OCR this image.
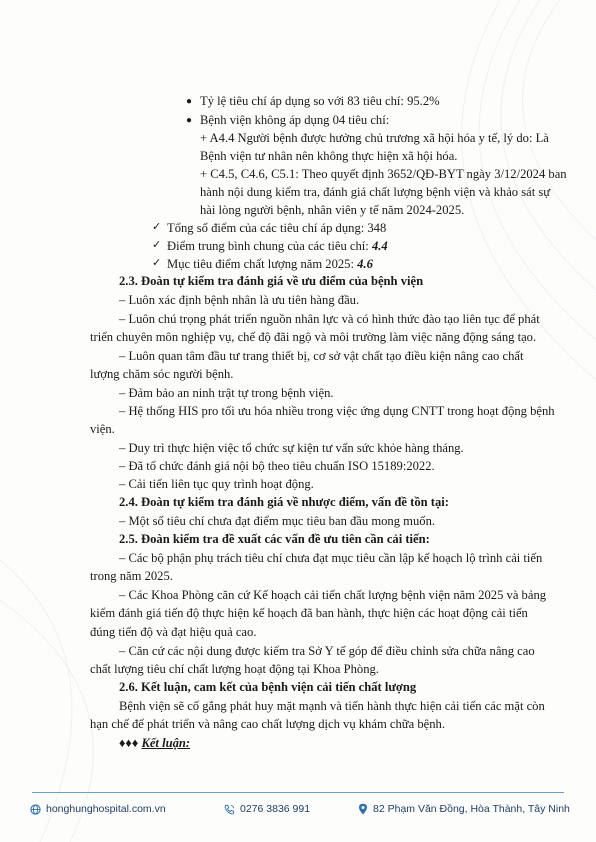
● Tỷ lệ tiêu chí áp dụng so với 83 tiêu chí: 95.2%
● Bệnh viện không áp dụng 04 tiêu chí:
+ A4.4 Người bệnh được hưởng chủ trương xã hội hóa y tế, lý do: Là
Bệnh viện tư nhân nên không thực hiện xã hội hóa.
+ C4.5, C4.6, C5.1: Theo quyết định 3652/QĐ-BYT ngày 3/12/2024 ban
hành nội dung kiểm tra, đánh giá chất lượng bệnh viện và khảo sát sự
hài lòng người bệnh, nhân viên y tế năm 2024-2025.
✓ Tổng số điểm của các tiêu chí áp dụng: 348
✓ Điểm trung bình chung của các tiêu chí: 4.4
✓ Mục tiêu điểm chất lượng năm 2025: 4.6
2.3. Đoàn tự kiểm tra đánh giá về ưu điểm của bệnh viện
– Luôn xác định bệnh nhân là ưu tiên hàng đầu.
– Luôn chú trọng phát triển nguồn nhân lực và có hình thức đào tạo liên tục để phát
triển chuyên môn nghiệp vụ, chế độ đãi ngộ và môi trường làm việc năng động sáng tạo.
– Luôn quan tâm đầu tư trang thiết bị, cơ sở vật chất tạo điều kiện nâng cao chất
lượng chăm sóc người bệnh.
– Đảm bảo an ninh trật tự trong bệnh viện.
– Hệ thống HIS pro tối ưu hóa nhiều trong việc ứng dụng CNTT trong hoạt động bệnh
viện.
– Duy trì thực hiện việc tổ chức sự kiện tư vấn sức khỏe hàng tháng.
– Đã tổ chức đánh giá nội bộ theo tiêu chuẩn ISO 15189:2022.
– Cải tiến liên tục quy trình hoạt động.
2.4. Đoàn tự kiểm tra đánh giá về nhược điểm, vấn đề tồn tại:
– Một số tiêu chí chưa đạt điểm mục tiêu ban đầu mong muốn.
2.5. Đoàn kiểm tra đề xuất các vấn đề ưu tiên cần cải tiến:
– Các bộ phận phụ trách tiêu chí chưa đạt mục tiêu cần lập kế hoạch lộ trình cải tiến
trong năm 2025.
– Các Khoa Phòng căn cứ Kế hoạch cải tiến chất lượng bệnh viện năm 2025 và bảng
kiểm đánh giá tiến độ thực hiện kế hoạch đã ban hành, thực hiện các hoạt động cải tiến
đúng tiến độ và đạt hiệu quả cao.
– Căn cứ các nội dung được kiểm tra Sở Y tế góp để điều chỉnh sửa chữa nâng cao
chất lượng tiêu chí chất lượng hoạt động tại Khoa Phòng.
2.6. Kết luận, cam kết của bệnh viện cải tiến chất lượng
Bệnh viện sẽ cố gắng phát huy mặt mạnh và tiến hành thực hiện cải tiến các mặt còn
hạn chế để phát triển và nâng cao chất lượng dịch vụ khám chữa bệnh.
♦♦♦ Kết luận:
honghunghospital.com.vn	0276 3836 991	82 Phạm Văn Đồng, Hòa Thành, Tây Ninh
